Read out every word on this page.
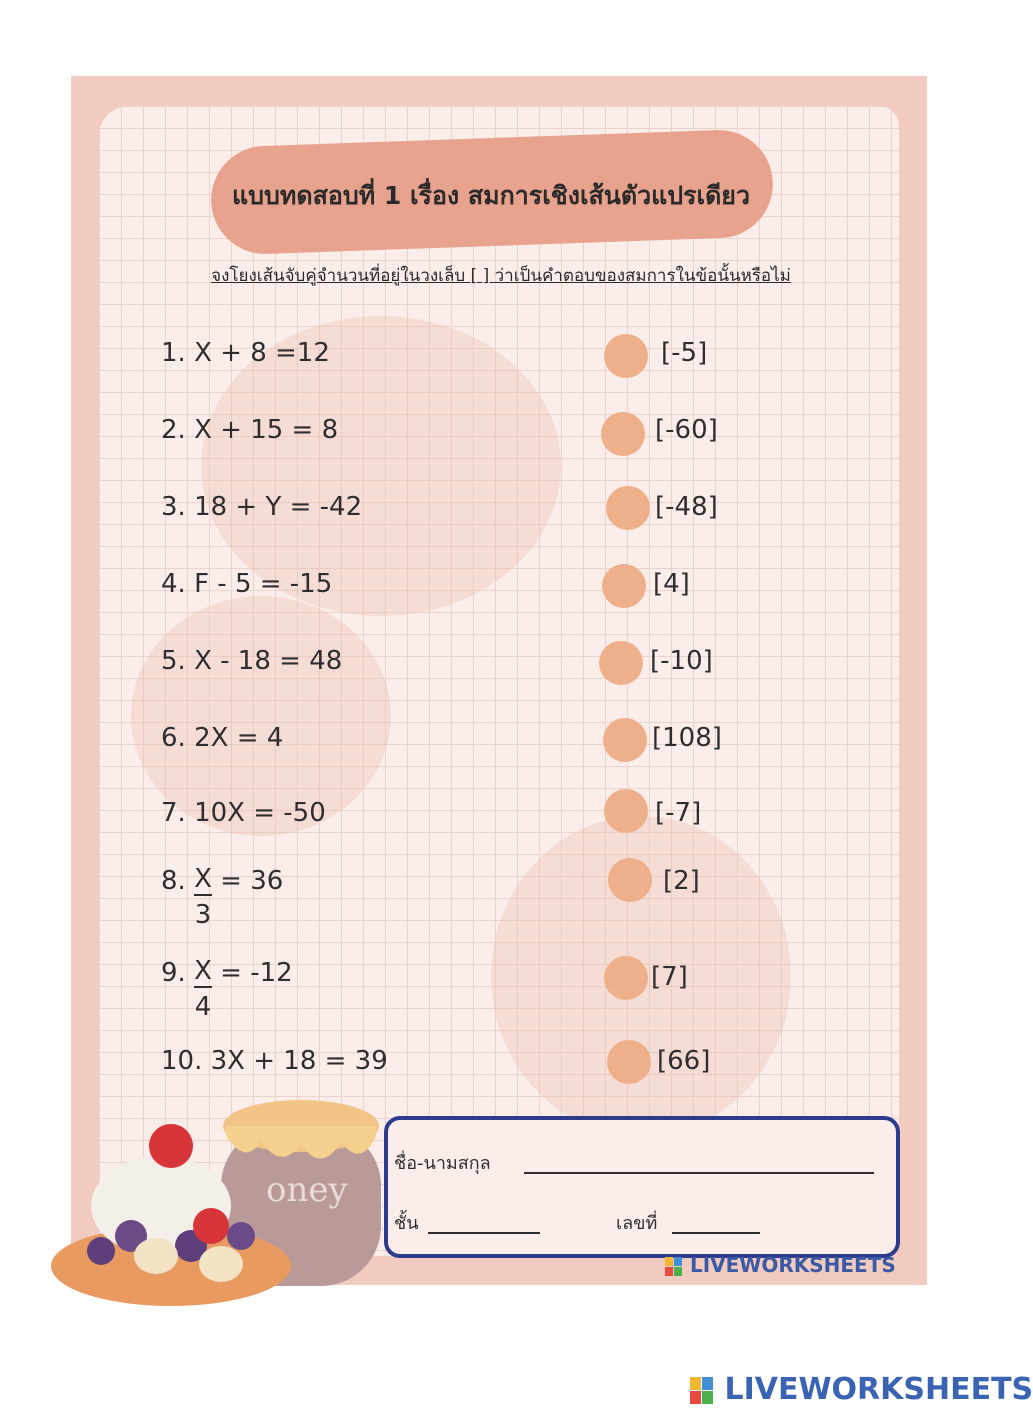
แบบทดสอบที่ 1 เรื่อง สมการเชิงเส้นตัวแปรเดียว
จงโยงเส้นจับคู่จำนวนที่อยู่ในวงเล็บ [ ] ว่าเป็นคำตอบของสมการในข้อนั้นหรือไม่
1. X + 8 =12
2. X + 15 = 8
3. 18 + Y = -42
4. F - 5 = -15
5. X - 18 = 48
6. 2X = 4
7. 10X = -50
8. $\frac{X}{3} = 36$
9. $\frac{X}{4} = -12$
10. 3X + 18 = 39
[-5]
[-60]
[-48]
[4]
[-10]
[108]
[-7]
[2]
[7]
[66]
oney
ชื่อ-นามสกุล
ชั้น	เลขที่
LIVEWORKSHEETS
LIVEWORKSHEETS
